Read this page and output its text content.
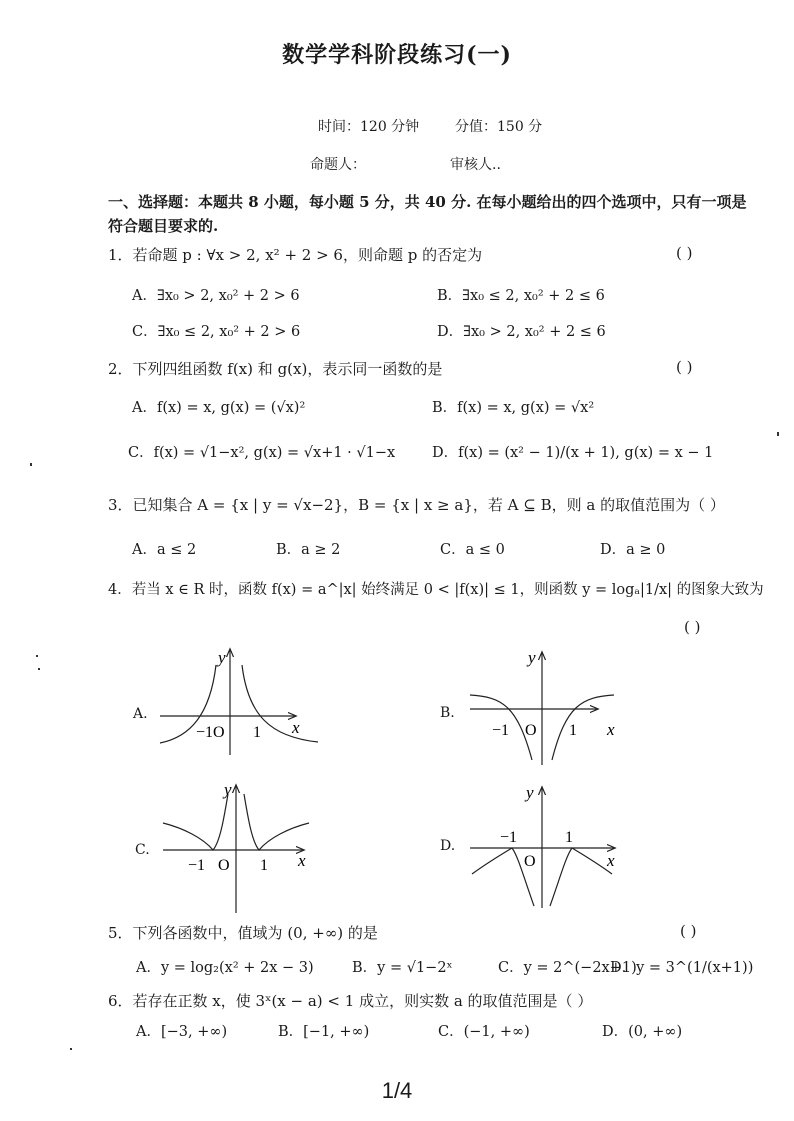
数学学科阶段练习(一)
时间：120 分钟	分值：150 分
命题人：	审核人..
一、选择题：本题共 8 小题，每小题 5 分，共 40 分. 在每小题给出的四个选项中，只有一项是符合题目要求的.
1．若命题 p : ∀x > 2, x² + 2 > 6，则命题 p 的否定为	( )
A．∃x₀ > 2, x₀² + 2 > 6	B．∃x₀ ≤ 2, x₀² + 2 ≤ 6
C．∃x₀ ≤ 2, x₀² + 2 > 6	D．∃x₀ > 2, x₀² + 2 ≤ 6
2．下列四组函数 f(x) 和 g(x)，表示同一函数的是	( )
A．f(x) = x, g(x) = (√x)²	B．f(x) = x, g(x) = √x²
C．f(x) = √1−x², g(x) = √x+1 · √1−x	D．f(x) = (x² − 1)/(x + 1), g(x) = x − 1
3．已知集合 A = {x | y = √x−2}，B = {x | x ≥ a}，若 A ⊆ B，则 a 的取值范围为（ ）
A．a ≤ 2	B．a ≥ 2	C．a ≤ 0	D．a ≥ 0
4．若当 x ∈ R 时，函数 f(x) = a^|x| 始终满足 0 < |f(x)| ≤ 1，则函数 y = logₐ|1/x| 的图象大致为
( )
A.	B.
C.	D.
y
x
−1O 1
y
x
−1 O 1
y
x
−1 O 1
y
x
−1
O
1
5．下列各函数中，值域为 (0, +∞) 的是	( )
A．y = log₂(x² + 2x − 3)	B．y = √1−2ˣ	C．y = 2^(−2x+1)
D．y = 3^(1/(x+1))
6．若存在正数 x，使 3ˣ(x − a) < 1 成立，则实数 a 的取值范围是（ ）
A．[−3, +∞)	B．[−1, +∞)	C．(−1, +∞)	D．(0, +∞)
1/4
